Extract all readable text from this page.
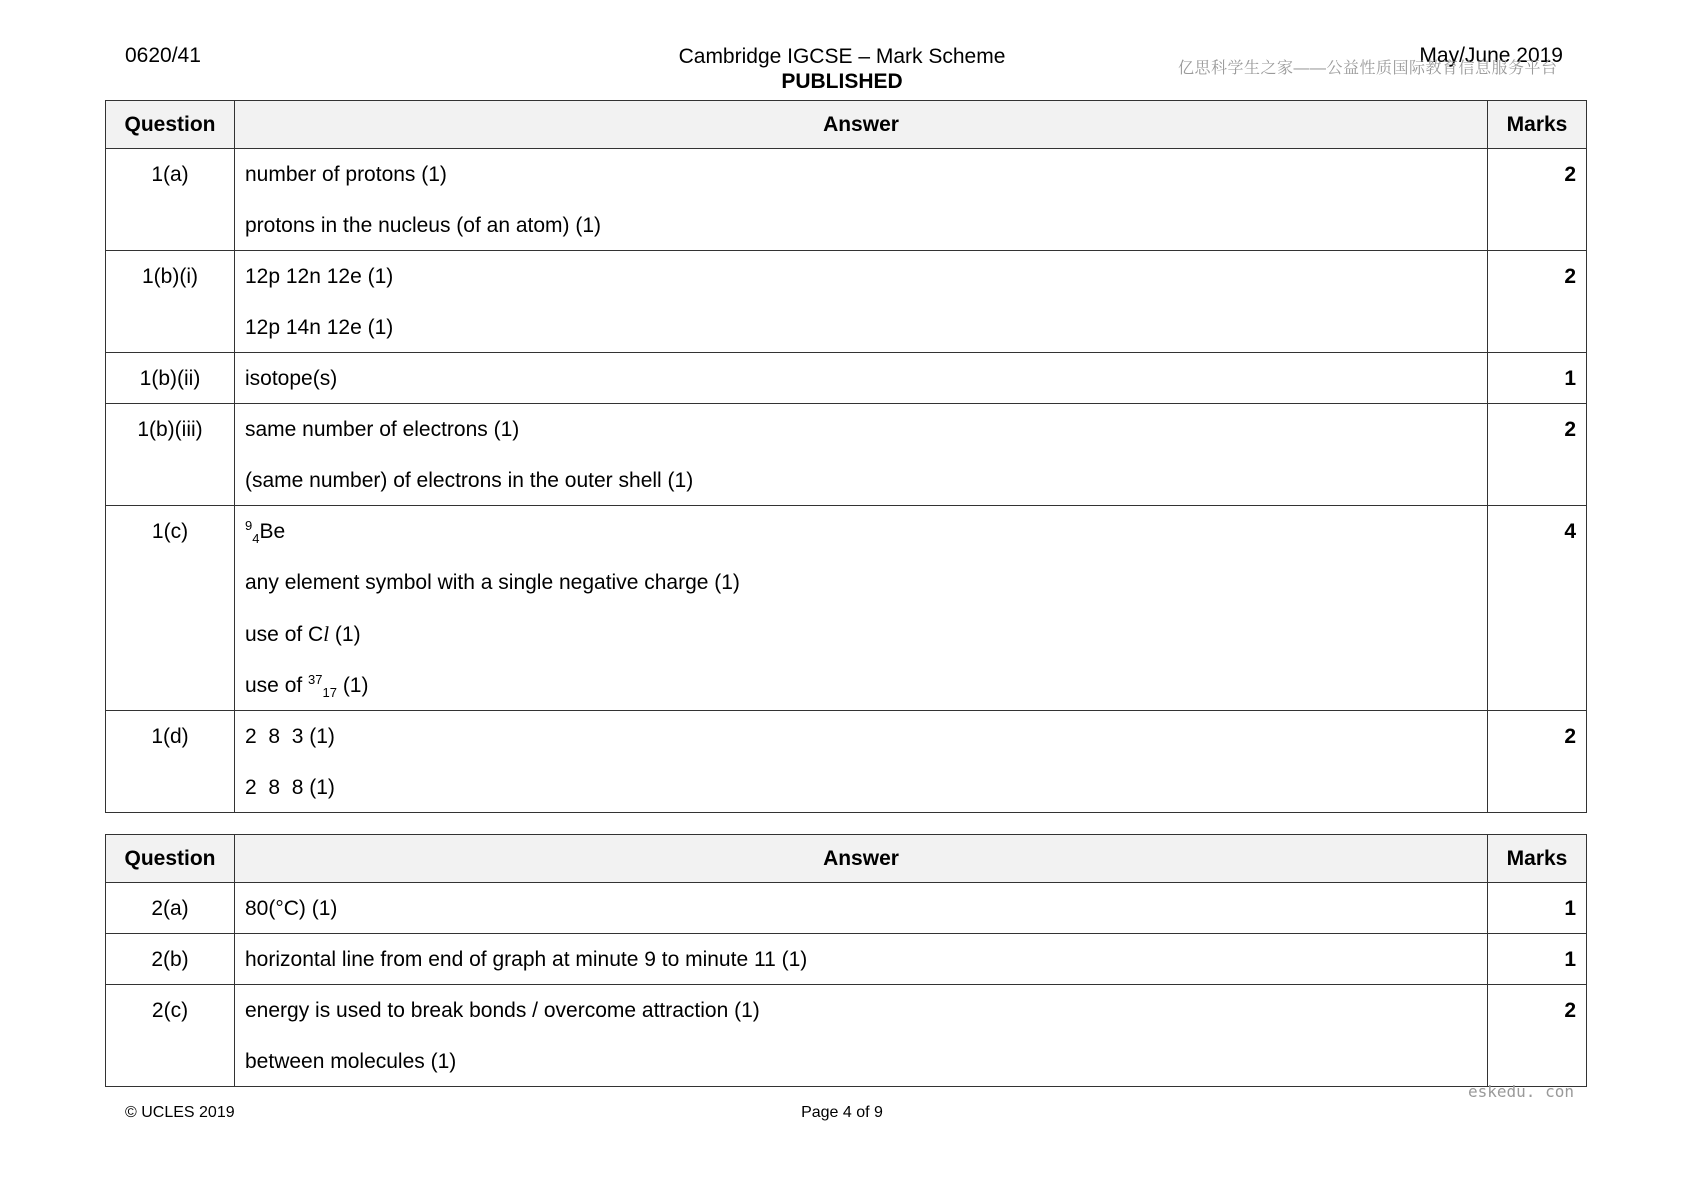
0620/41	Cambridge IGCSE – Mark Scheme
PUBLISHED
May/June 2019
亿思科学生之家——公益性质国际教育信息服务平台
Question	Answer	Marks
1(a)	number of protons (1)
protons in the nucleus (of an atom) (1)	2
1(b)(i)	12p 12n 12e (1)
12p 14n 12e (1)	2
1(b)(ii)	isotope(s)	1
1(b)(iii)	same number of electrons (1)
(same number) of electrons in the outer shell (1)	2
1(c)	$^9_4$Be
any element symbol with a single negative charge (1)
use of Cl (1)
use of $^{37}_{17}$ (1)	4
1(d)	2  8  3 (1)
2  8  8 (1)	2
Question	Answer	Marks
2(a)	80(°C) (1)	1
2(b)	horizontal line from end of graph at minute 9 to minute 11 (1)	1
2(c)	energy is used to break bonds / overcome attraction (1)
between molecules (1)	2
eskedu. con
© UCLES 2019	Page 4 of 9
